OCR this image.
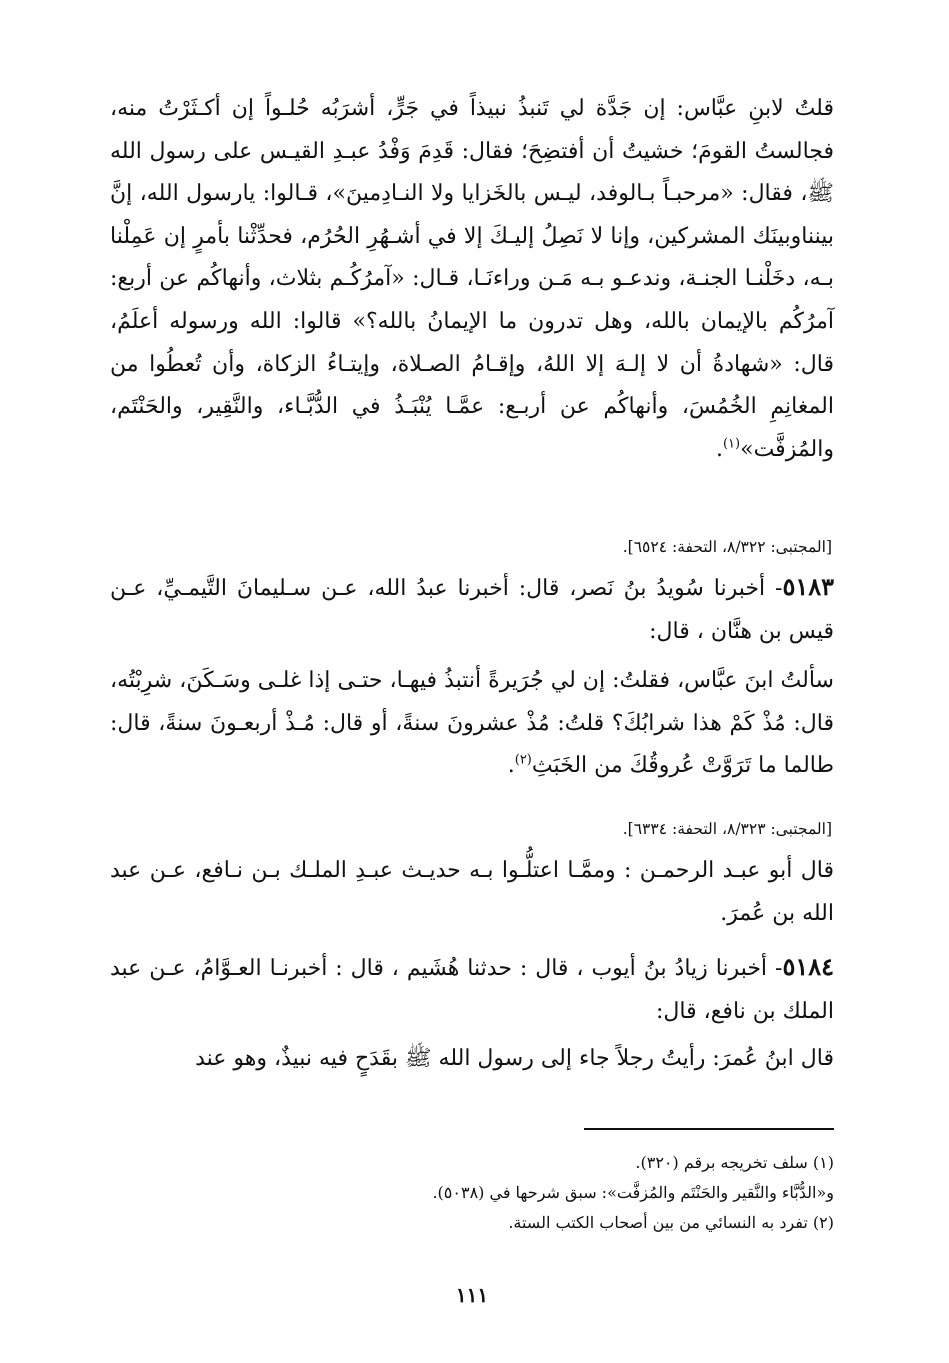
قلتُ لابنِ عبَّاس: إن جَدَّة لي تَنبذُ نبيذاً في جَرٍّ، أشرَبُه حُلـواً إن أكـثَرْتُ منه، فجالستُ القومَ؛ خشيتُ أن أفتضِحَ؛ فقال: قَدِمَ وَفْدُ عبـدِ القيـس على رسول الله ﷺ، فقال: «مرحبـاً بـالوفد، ليـس بالخَزايا ولا النـادِمينَ»، قـالوا: يارسول الله، إنَّ بينناوبينَك المشركين، وإنا لا نَصِلُ إليـكَ إلا في أشـهُرِ الحُرُم، فحدِّثْنا بأمرٍ إن عَمِلْنا بـه، دخَلْنـا الجنـة، وندعـو بـه مَـن وراءنَـا، قـال: «آمرُكُـم بثلاث، وأنهاكُم عن أربع: آمرُكُم بالإيمان بالله، وهل تدرون ما الإيمانُ بالله؟» قالوا: الله ورسوله أعلَمُ، قال: «شهادةُ أن لا إلـهَ إلا اللهُ، وإقـامُ الصـلاة، وإيتـاءُ الزكاة، وأن تُعطُوا من المغانِمِ الخُمُسَ، وأنهاكُم عن أربـع: عمَّـا يُنْبَـذُ في الدُّبَّـاء، والنَّقِير، والحَنْتَم، والمُزفَّت»$^{(١)}$.

[المجتبى: ٨/٣٢٢، التحفة: ٦٥٢٤].

٥١٨٣- أخبرنا سُويدُ بنُ نَصر، قال: أخبرنا عبدُ الله، عـن سـليمانَ التَّيمـيِّ، عـن قيس بن هنَّان ، قال:

سألتُ ابنَ عبَّاس، فقلتُ: إن لي جُرَيرةً أنتبذُ فيهـا، حتـى إذا غلـى وسَـكَنَ، شرِبْتُه، قال: مُذْ كَمْ هذا شرابُكَ؟ قلتُ: مُذْ عشرونَ سنةً، أو قال: مُـذْ أربعـونَ سنةً، قال: طالما ما تَرَوَّتْ عُروقُكَ من الخَبَثِ$^{(٢)}$.

[المجتبى: ٨/٣٢٣، التحفة: ٦٣٣٤].

قال أبو عبـد الرحمـن : وممَّـا اعتلُّـوا بـه حديـث عبـدِ الملـك بـن نـافع، عـن عبد الله بن عُمرَ.

٥١٨٤- أخبرنا زيادُ بنُ أيوب ، قال : حدثنا هُشَيم ، قال : أخبرنـا العـوَّامُ، عـن عبد الملك بن نافع، قال:

قال ابنُ عُمرَ: رأيتُ رجلاً جاء إلى رسول الله ﷺ بقَدَحٍ فيه نبيذٌ، وهو عند

(١) سلف تخريجه برقم (٣٢٠).

و«الدُّبَّاء والنَّقير والحَنْتَم والمُزفَّت»: سبق شرحها في (٥٠٣٨).

(٢) تفرد به النسائي من بين أصحاب الكتب الستة.

١١١
